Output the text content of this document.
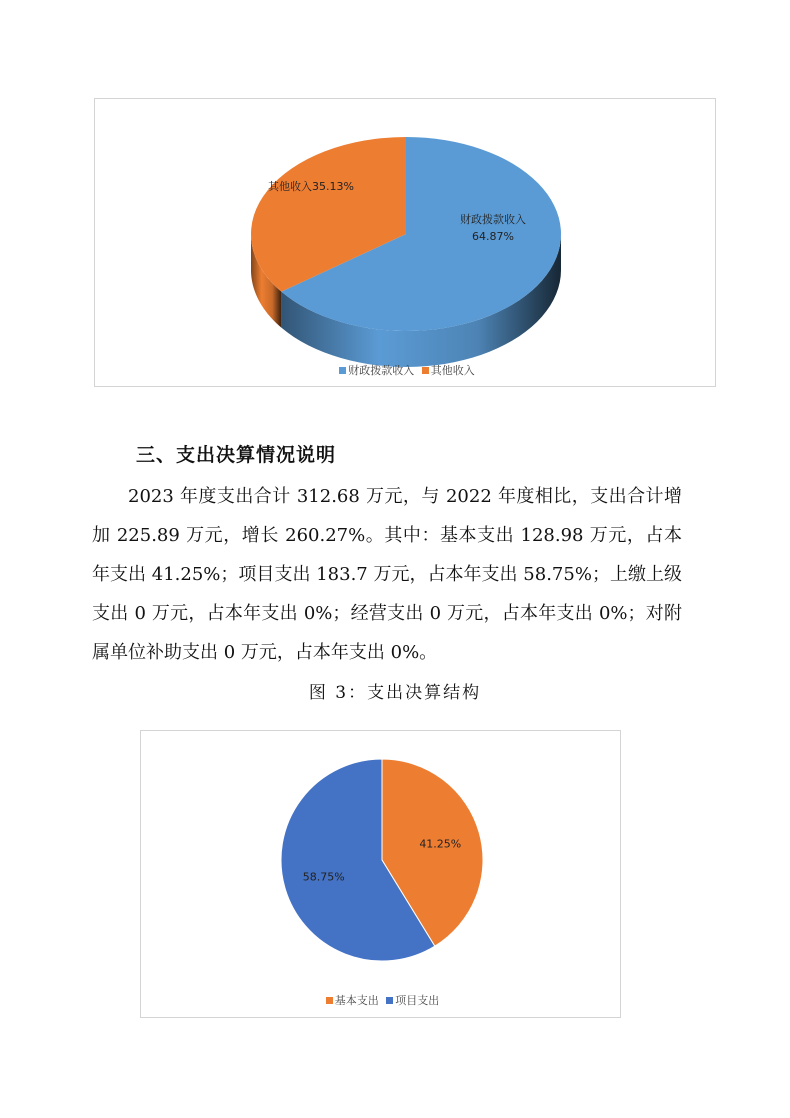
财政拨款收入 64.87%
其他收入35.13%
财政拨款收入 其他收入
三、支出决算情况说明
2023 年度支出合计 312.68 万元，与 2022 年度相比，支出合计增加 225.89 万元，增长 260.27%。其中：基本支出 128.98 万元，占本年支出 41.25%；项目支出 183.7 万元，占本年支出 58.75%；上缴上级支出 0 万元，占本年支出 0%；经营支出 0 万元，占本年支出 0%；对附属单位补助支出 0 万元，占本年支出 0%。
图 3：支出决算结构
41.25%
58.75%
基本支出 项目支出
